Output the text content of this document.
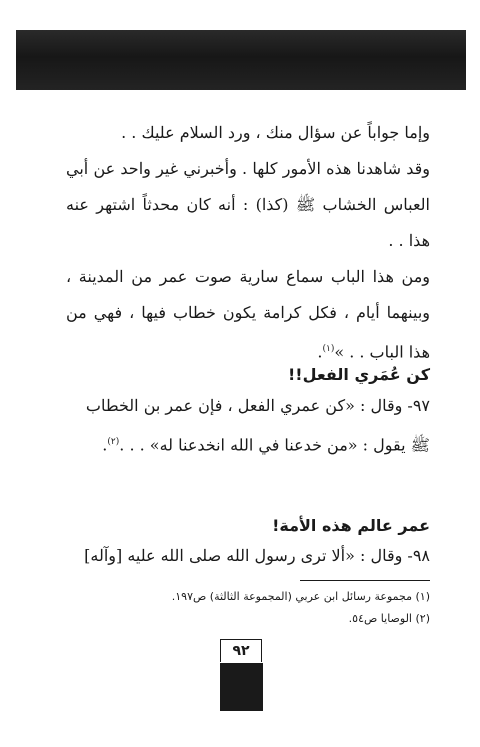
وإما جواباً عن سؤال منك ، ورد السلام عليك . .

وقد شاهدنا هذه الأمور كلها . وأخبرني غير واحد عن أبي العباس الخشاب ﷺ (كذا) : أنه كان محدثاً اشتهر عنه هذا . .

ومن هذا الباب سماع سارية صوت عمر من المدينة ، وبينهما أيام ، فكل كرامة يكون خطاب فيها ، فهي من هذا الباب . . »$^{(١)}$.

كن عُمَري الفعل!!

٩٧- وقال : «كن عمري الفعل ، فإن عمر بن الخطاب ﷺ يقول : «من خدعنا في الله انخدعنا له» . . .$^{(٢)}$.

عمر عالم هذه الأمة!

٩٨- وقال : «ألا ترى رسول الله صلى الله عليه [وآله]

(١) مجموعة رسائل ابن عربي (المجموعة الثالثة) ص١٩٧.

(٢) الوصايا ص٥٤.

٩٢
